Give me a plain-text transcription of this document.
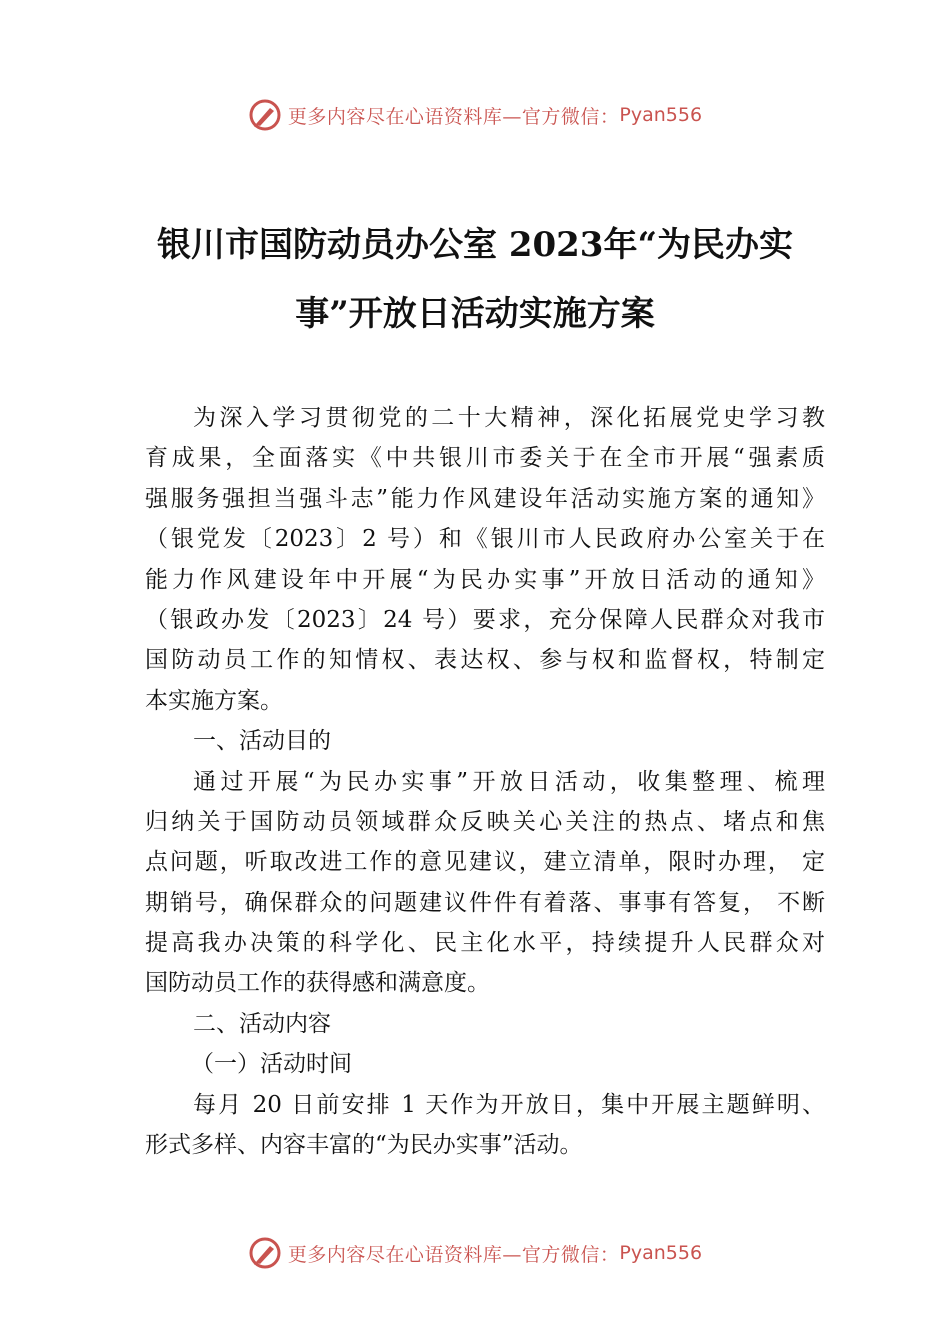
更多内容尽在心语资料库—官方微信： Pyan556
银川市国防动员办公室 2023年“为民办实
事”开放日活动实施方案
为深入学习贯彻党的二十大精神，深化拓展党史学习教
育成果，全面落实《中共银川市委关于在全市开展“强素质
强服务强担当强斗志”能力作风建设年活动实施方案的通知》
（银党发〔2023〕2 号）和《银川市人民政府办公室关于在
能力作风建设年中开展“为民办实事”开放日活动的通知》
（银政办发〔2023〕24 号）要求，充分保障人民群众对我市
国防动员工作的知情权、表达权、参与权和监督权，特制定
本实施方案。
一、活动目的
通过开展“为民办实事”开放日活动，收集整理、梳理
归纳关于国防动员领域群众反映关心关注的热点、堵点和焦
点问题，听取改进工作的意见建议，建立清单，限时办理， 定
期销号，确保群众的问题建议件件有着落、事事有答复， 不断
提高我办决策的科学化、民主化水平，持续提升人民群众对
国防动员工作的获得感和满意度。
二、活动内容
（一）活动时间
每月 20 日前安排 1 天作为开放日，集中开展主题鲜明、
形式多样、内容丰富的“为民办实事”活动。
更多内容尽在心语资料库—官方微信： Pyan556
